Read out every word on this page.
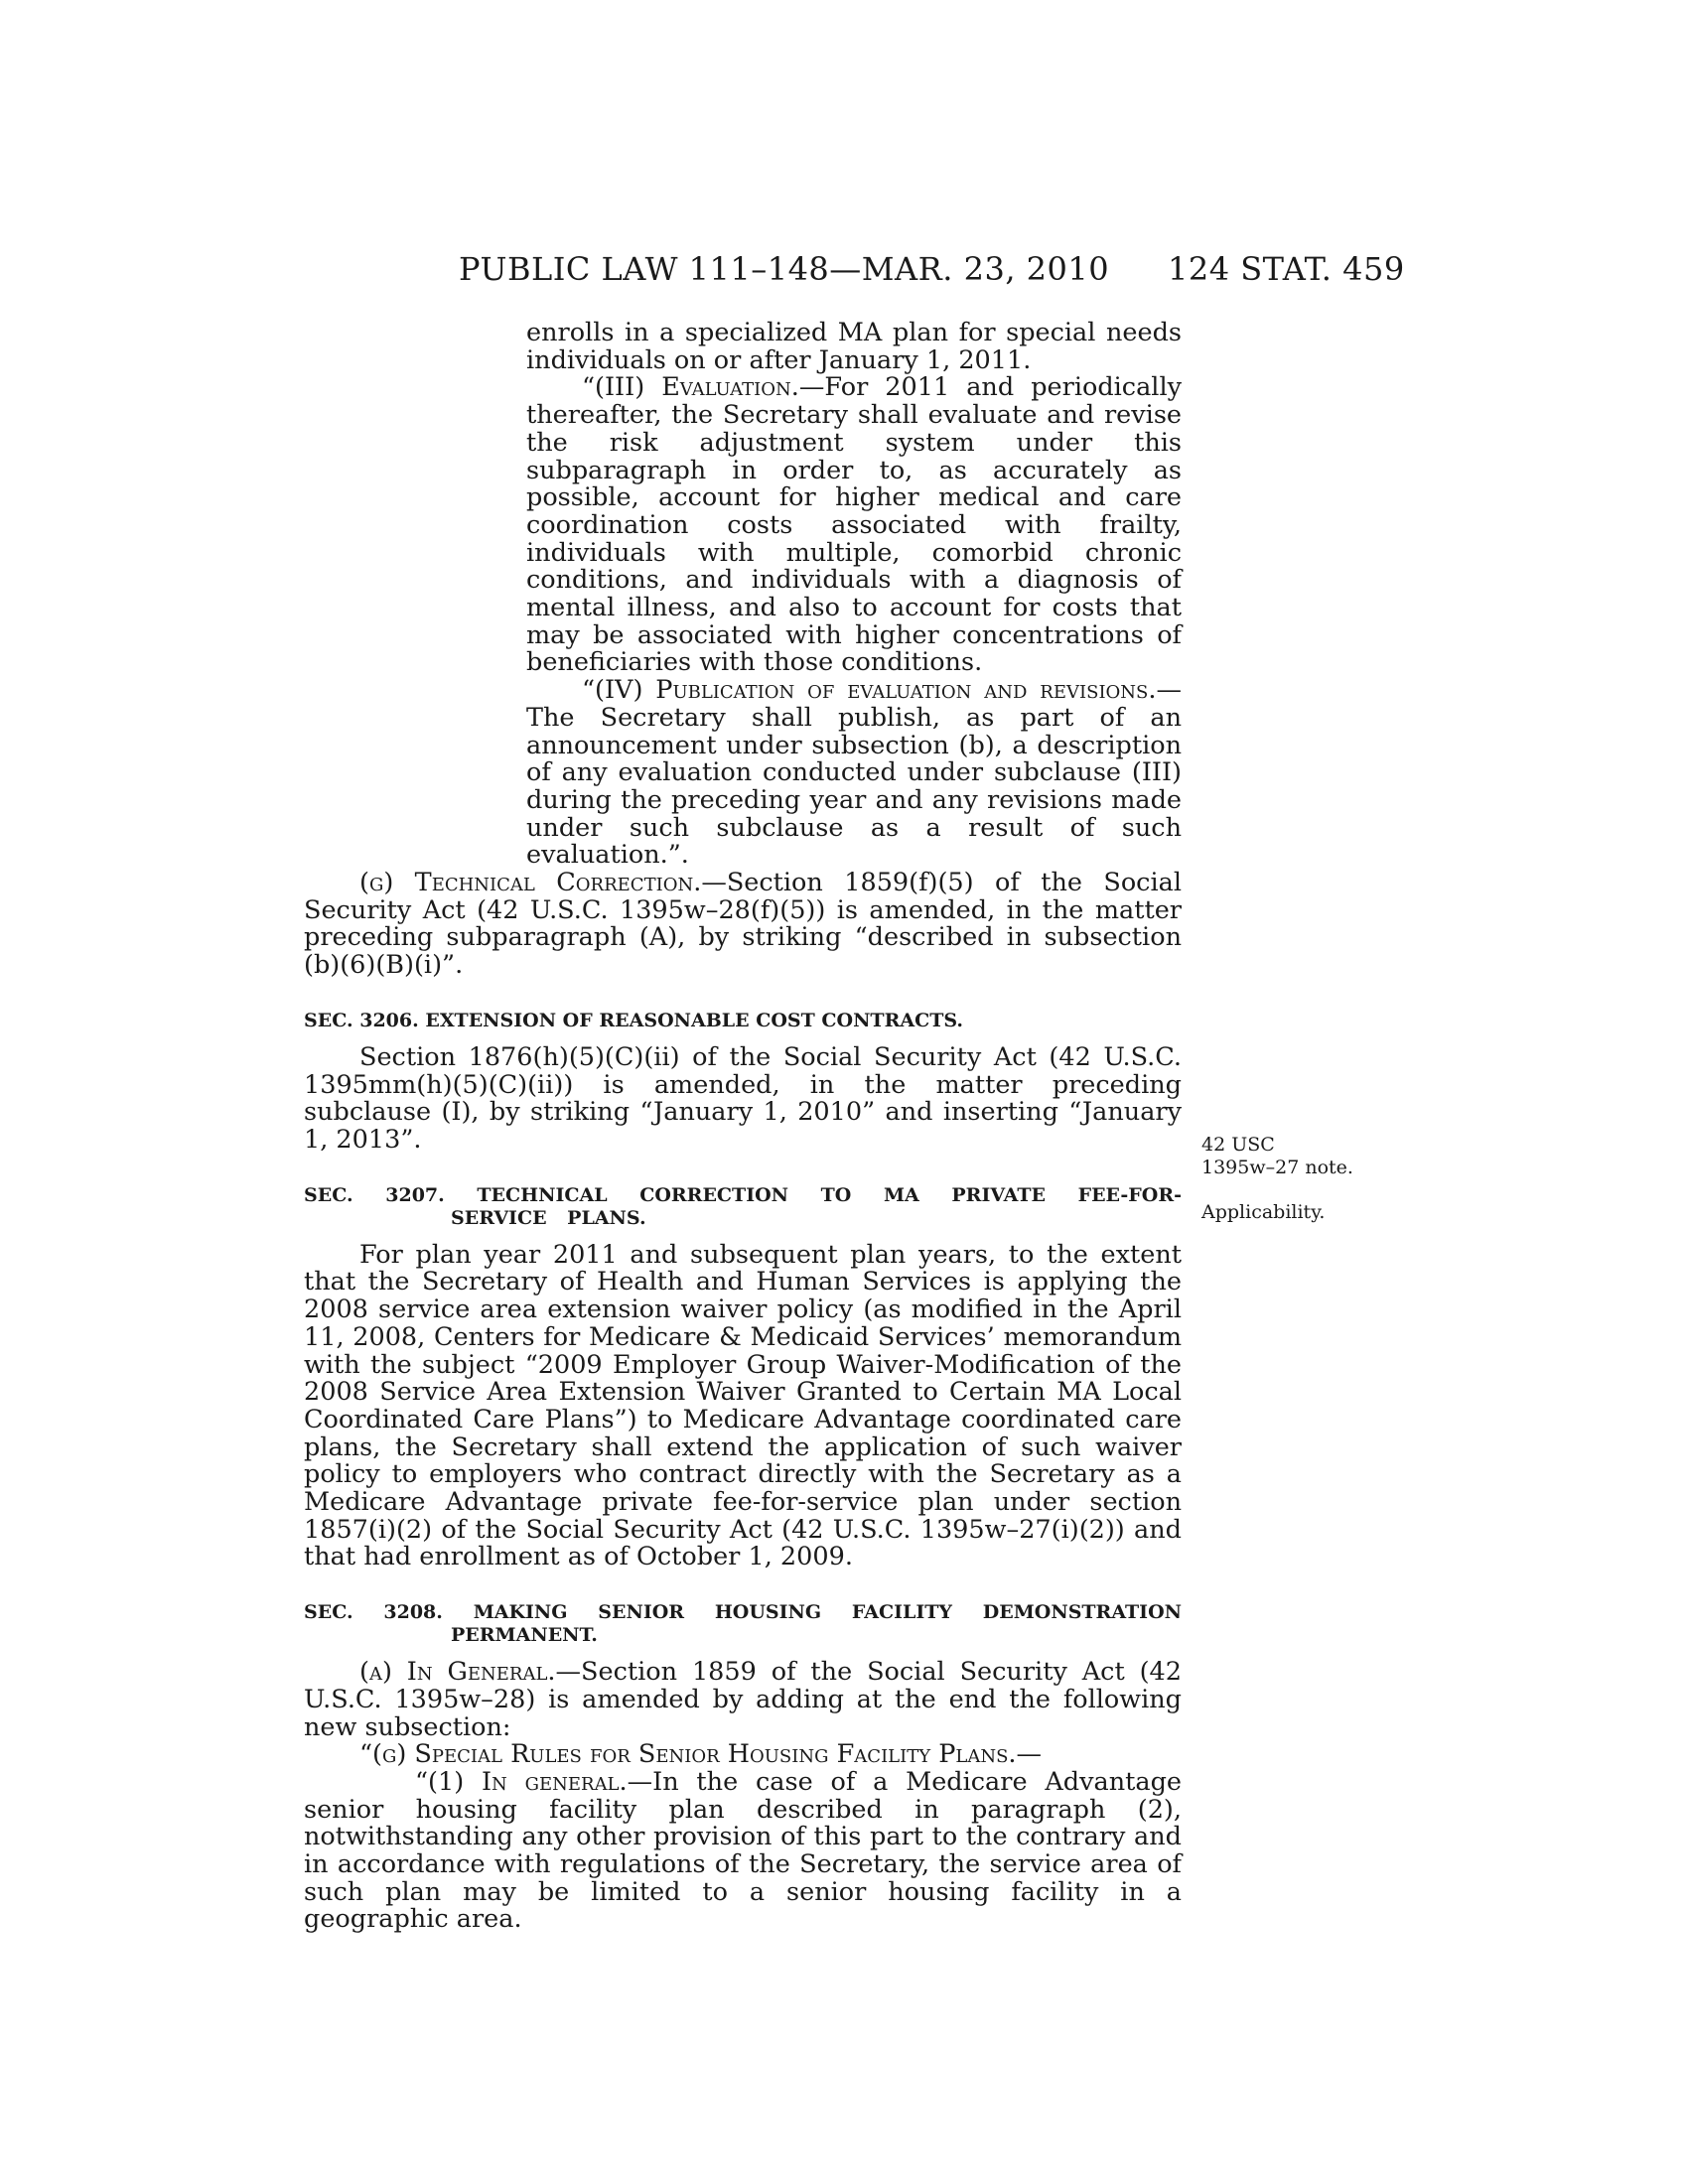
PUBLIC LAW 111–148—MAR. 23, 2010 124 STAT. 459

enrolls in a specialized MA plan for special needs individuals on or after January 1, 2011.

“(III) Evaluation.—For 2011 and periodically thereafter, the Secretary shall evaluate and revise the risk adjustment system under this subparagraph in order to, as accurately as possible, account for higher medical and care coordination costs associated with frailty, individuals with multiple, comorbid chronic conditions, and individuals with a diagnosis of mental illness, and also to account for costs that may be associated with higher concentrations of beneficiaries with those conditions.

“(IV) Publication of evaluation and revisions.—The Secretary shall publish, as part of an announcement under subsection (b), a description of any evaluation conducted under subclause (III) during the preceding year and any revisions made under such subclause as a result of such evaluation.”.

(g) Technical Correction.—Section 1859(f)(5) of the Social Security Act (42 U.S.C. 1395w–28(f)(5)) is amended, in the matter preceding subparagraph (A), by striking “described in subsection (b)(6)(B)(i)”.

SEC. 3206. EXTENSION OF REASONABLE COST CONTRACTS.

Section 1876(h)(5)(C)(ii) of the Social Security Act (42 U.S.C. 1395mm(h)(5)(C)(ii)) is amended, in the matter preceding subclause (I), by striking “January 1, 2010” and inserting “January 1, 2013”.

SEC. 3207. TECHNICAL CORRECTION TO MA PRIVATE FEE-FOR-SERVICE PLANS.

For plan year 2011 and subsequent plan years, to the extent that the Secretary of Health and Human Services is applying the 2008 service area extension waiver policy (as modified in the April 11, 2008, Centers for Medicare & Medicaid Services’ memorandum with the subject “2009 Employer Group Waiver-Modification of the 2008 Service Area Extension Waiver Granted to Certain MA Local Coordinated Care Plans”) to Medicare Advantage coordinated care plans, the Secretary shall extend the application of such waiver policy to employers who contract directly with the Secretary as a Medicare Advantage private fee-for-service plan under section 1857(i)(2) of the Social Security Act (42 U.S.C. 1395w–27(i)(2)) and that had enrollment as of October 1, 2009.

SEC. 3208. MAKING SENIOR HOUSING FACILITY DEMONSTRATION PERMANENT.

(a) In General.—Section 1859 of the Social Security Act (42 U.S.C. 1395w–28) is amended by adding at the end the following new subsection:

“(g) Special Rules for Senior Housing Facility Plans.—

“(1) In general.—In the case of a Medicare Advantage senior housing facility plan described in paragraph (2), notwithstanding any other provision of this part to the contrary and in accordance with regulations of the Secretary, the service area of such plan may be limited to a senior housing facility in a geographic area.

42 USC
1395w–27 note.
Applicability.
